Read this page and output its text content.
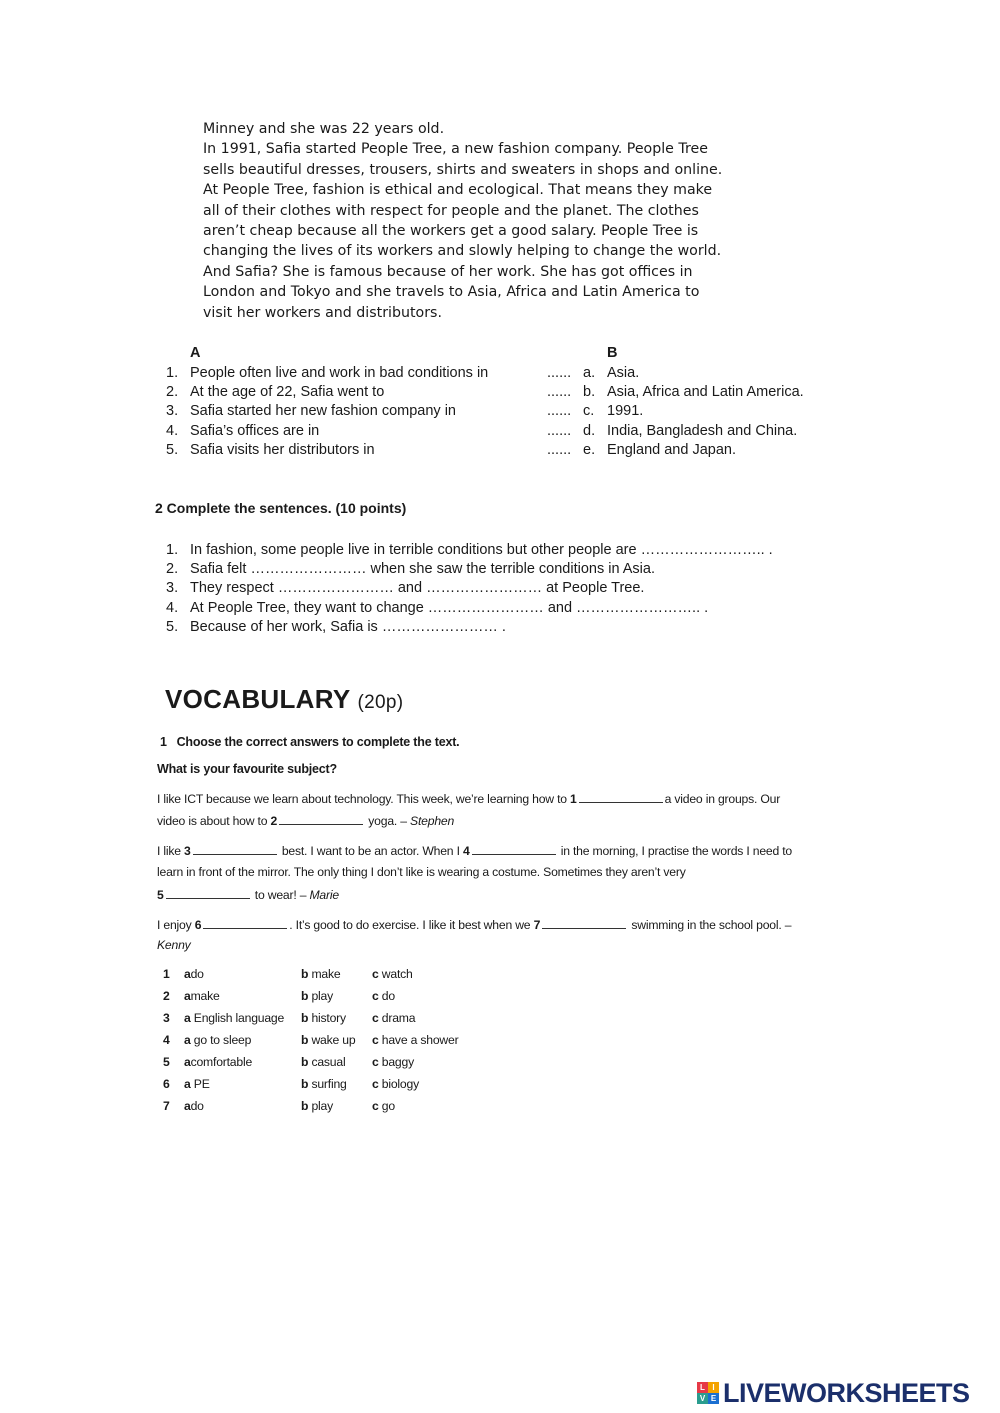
Minney and she was 22 years old.
In 1991, Safia started People Tree, a new fashion company. People Tree
sells beautiful dresses, trousers, shirts and sweaters in shops and online.
At People Tree, fashion is ethical and ecological. That means they make
all of their clothes with respect for people and the planet. The clothes
aren’t cheap because all the workers get a good salary. People Tree is
changing the lives of its workers and slowly helping to change the world.
And Safia? She is famous because of her work. She has got offices in
London and Tokyo and she travels to Asia, Africa and Latin America to
visit her workers and distributors.
A	B
1. People often live and work in bad conditions in	...... a. Asia.
2. At the age of 22, Safia went to	...... b. Asia, Africa and Latin America.
3. Safia started her new fashion company in	...... c. 1991.
4. Safia’s offices are in	...... d. India, Bangladesh and China.
5. Safia visits her distributors in	...... e. England and Japan.
2 Complete the sentences. (10 points)
1. In fashion, some people live in terrible conditions but other people are …………………….. .
2. Safia felt …………………… when she saw the terrible conditions in Asia.
3. They respect …………………… and …………………… at People Tree.
4. At People Tree, they want to change …………………… and …………………….. .
5. Because of her work, Safia is …………………… .
VOCABULARY (20p)
1 Choose the correct answers to complete the text.
What is your favourite subject?
I like ICT because we learn about technology. This week, we’re learning how to 1	a video in groups. Our
video is about how to 2	yoga. – Stephen
I like 3	best. I want to be an actor. When I 4	in the morning, I practise the words I need to
learn in front of the mirror. The only thing I don’t like is wearing a costume. Sometimes they aren’t very
5	to wear! – Marie
I enjoy 6	. It’s good to do exercise. I like it best when we 7	swimming in the school pool. –
Kenny
1 ado	b make	c watch
2 amake	b play	c do
3 a English language b history c drama
4 a go to sleep	b wake up c have a shower
5 acomfortable	b casual c baggy
6 a PE	b surfing c biology
7 ado	b play	c go
L I
V E LIVEWORKSHEETS
